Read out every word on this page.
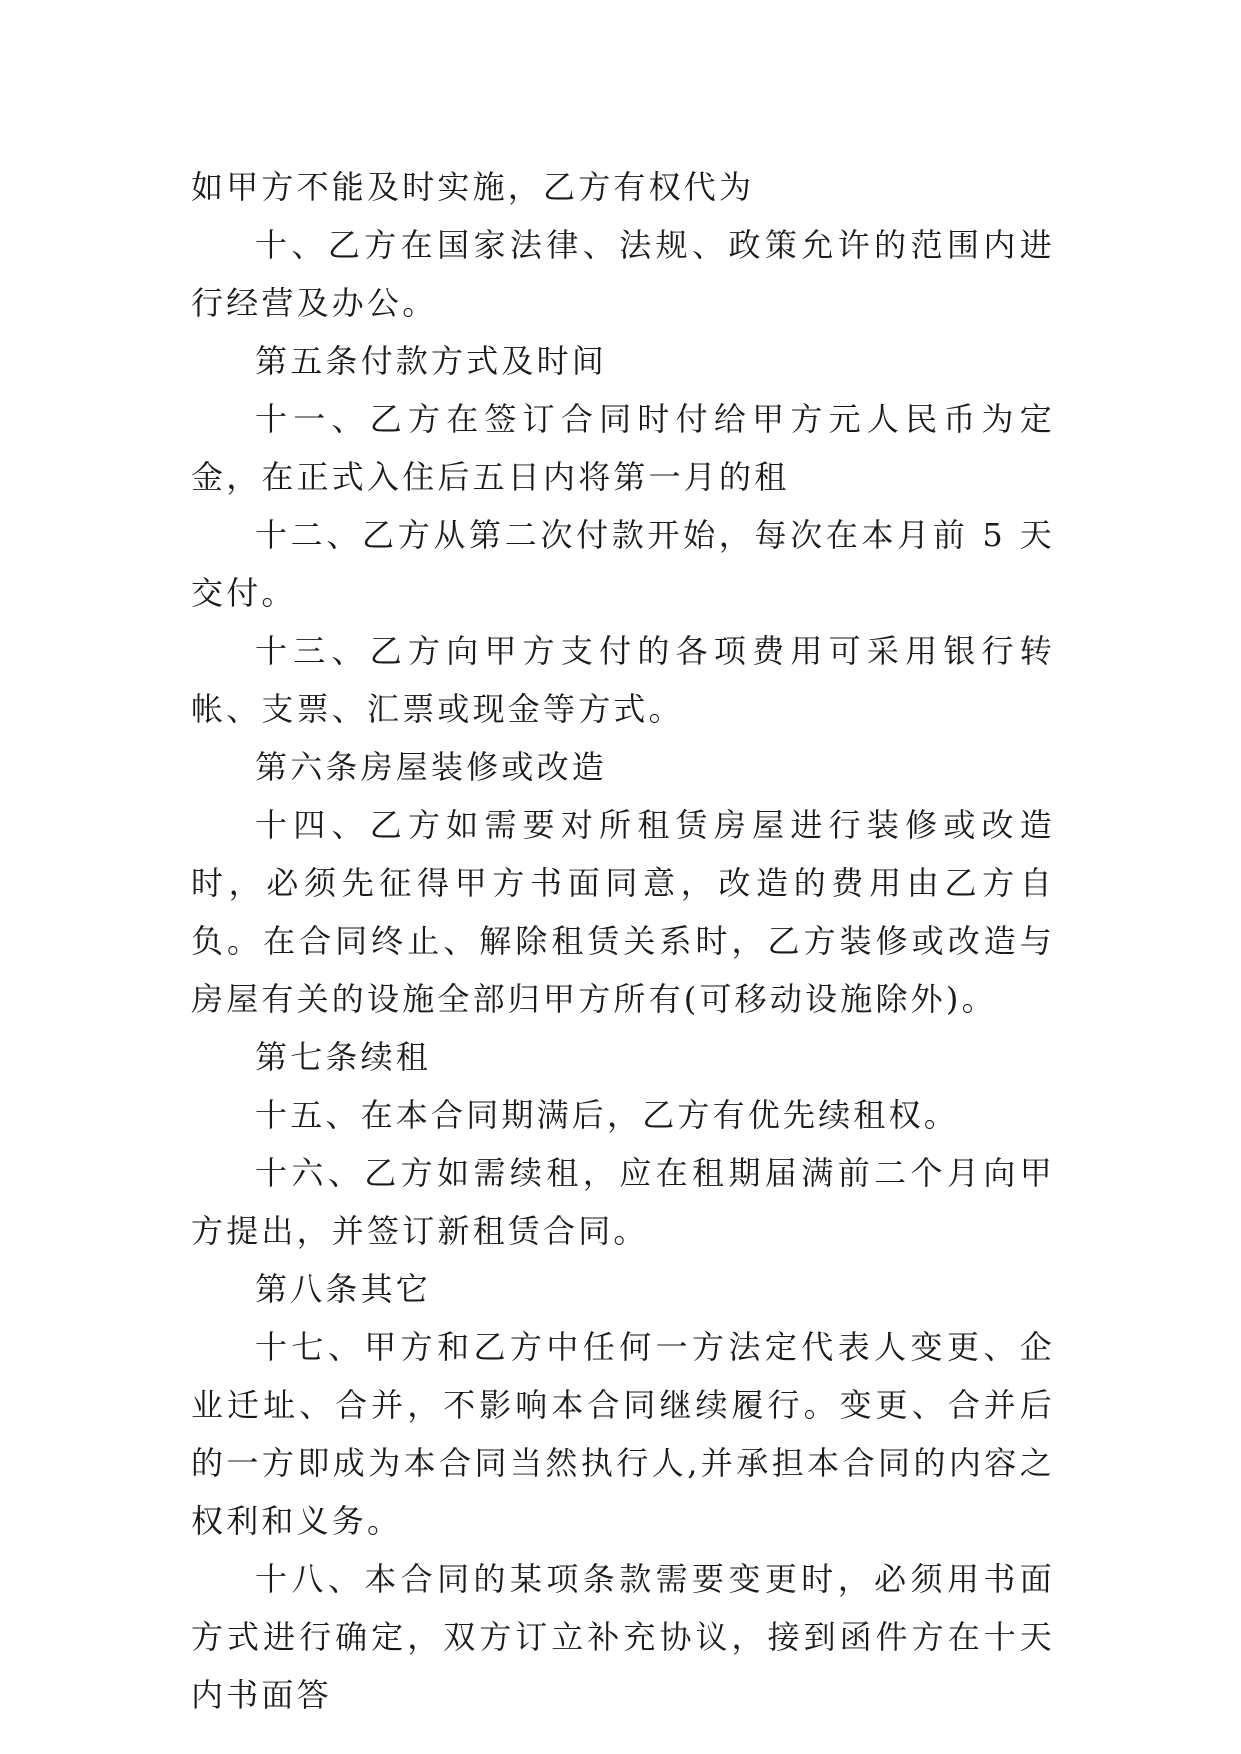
如甲方不能及时实施，乙方有权代为

十、乙方在国家法律、法规、政策允许的范围内进行经营及办公。

第五条付款方式及时间

十一、乙方在签订合同时付给甲方元人民币为定金，在正式入住后五日内将第一月的租

十二、乙方从第二次付款开始，每次在本月前 5 天交付。

十三、乙方向甲方支付的各项费用可采用银行转帐、支票、汇票或现金等方式。

第六条房屋装修或改造

十四、乙方如需要对所租赁房屋进行装修或改造时，必须先征得甲方书面同意，改造的费用由乙方自负。在合同终止、解除租赁关系时，乙方装修或改造与房屋有关的设施全部归甲方所有(可移动设施除外)。

第七条续租

十五、在本合同期满后，乙方有优先续租权。

十六、乙方如需续租，应在租期届满前二个月向甲方提出，并签订新租赁合同。

第八条其它

十七、甲方和乙方中任何一方法定代表人变更、企业迁址、合并，不影响本合同继续履行。变更、合并后的一方即成为本合同当然执行人,并承担本合同的内容之权利和义务。

十八、本合同的某项条款需要变更时，必须用书面方式进行确定，双方订立补充协议，接到函件方在十天内书面答
